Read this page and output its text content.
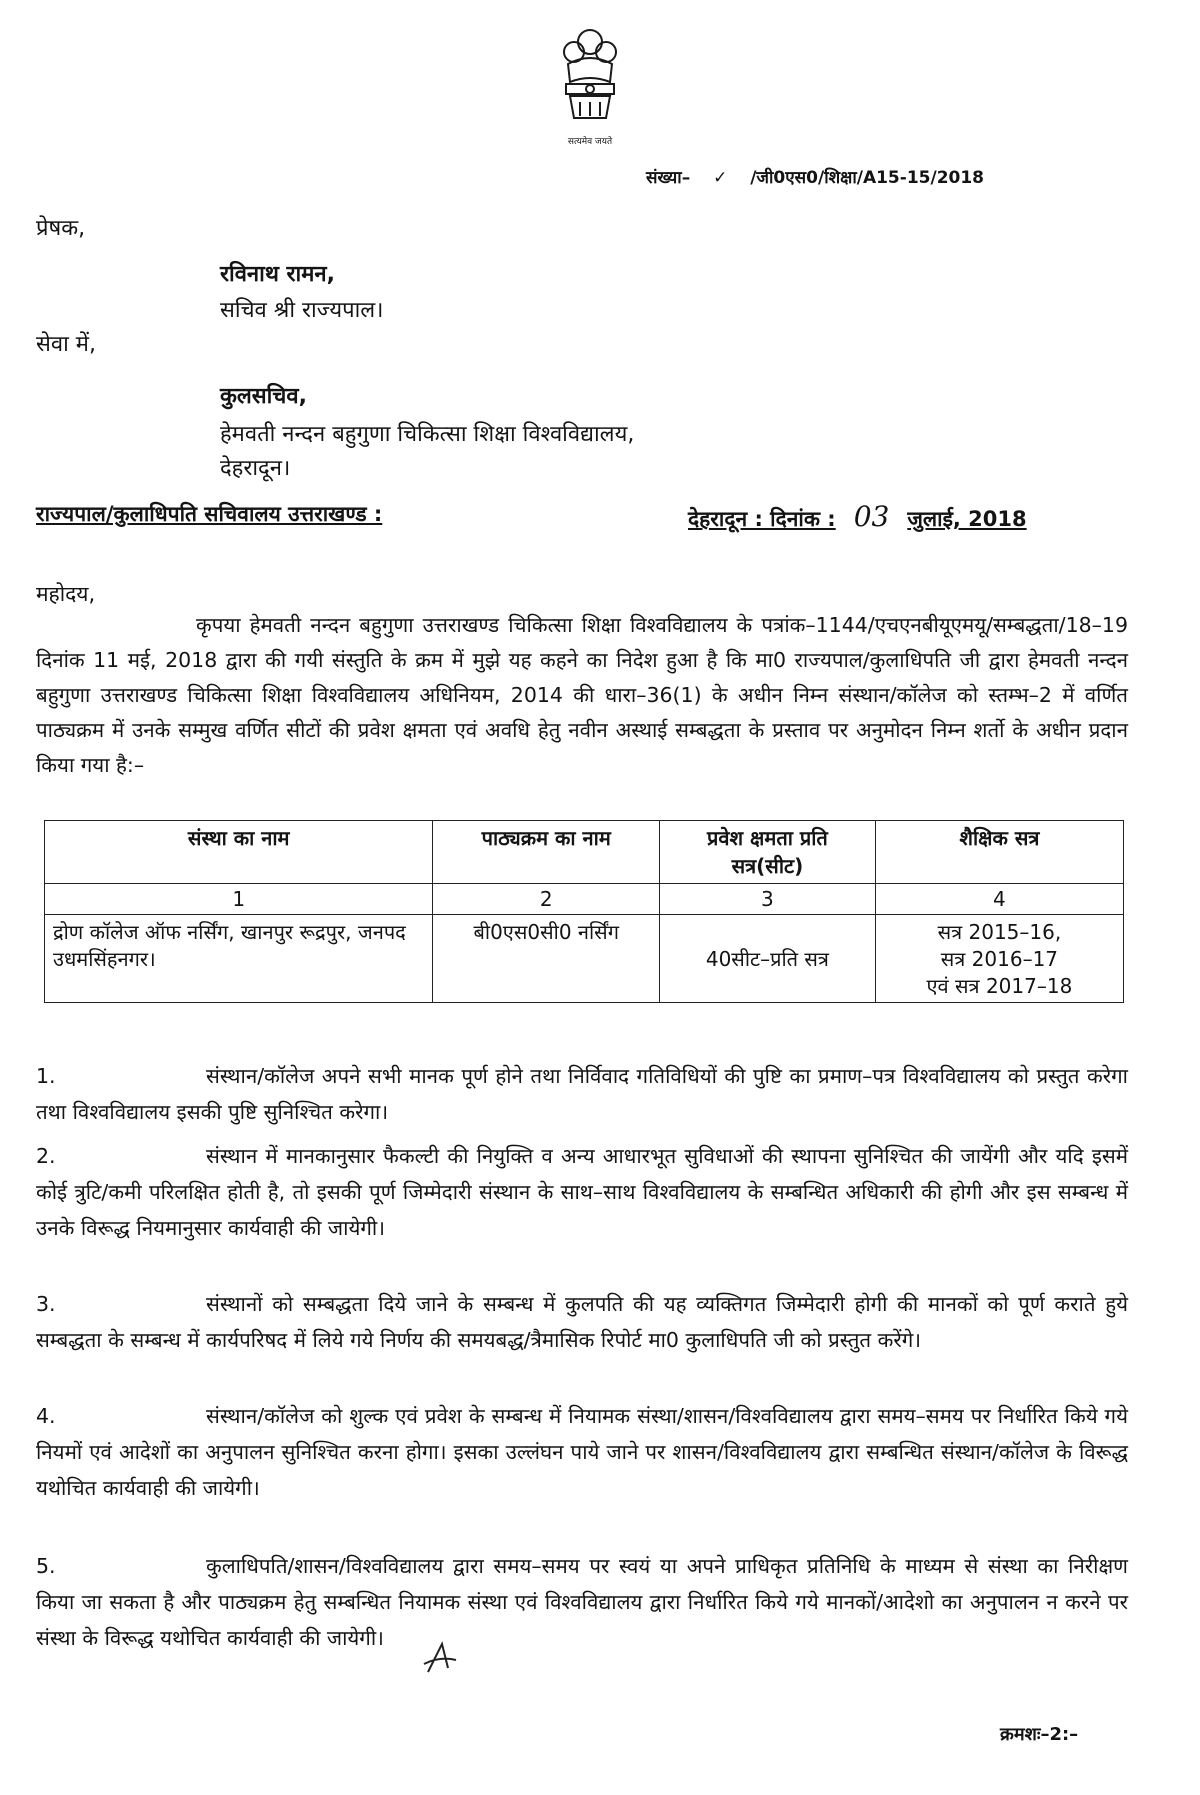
सत्यमेव जयते
संख्या– ✓ /जी0एस0/शिक्षा/A15-15/2018
प्रेषक,
रविनाथ रामन,
सचिव श्री राज्यपाल।
सेवा में,
कुलसचिव,
हेमवती नन्दन बहुगुणा चिकित्सा शिक्षा विश्वविद्यालय,
देहरादून।
राज्यपाल/कुलाधिपति सचिवालय उत्तराखण्ड :	देहरादून : दिनांक : 03 जुलाई, 2018
महोदय,
कृपया हेमवती नन्दन बहुगुणा उत्तराखण्ड चिकित्सा शिक्षा विश्वविद्यालय के पत्रांक–1144/एचएनबीयूएमयू/सम्बद्धता/18–19 दिनांक 11 मई, 2018 द्वारा की गयी संस्तुति के क्रम में मुझे यह कहने का निदेश हुआ है कि मा0 राज्यपाल/कुलाधिपति जी द्वारा हेमवती नन्दन बहुगुणा उत्तराखण्ड चिकित्सा शिक्षा विश्वविद्यालय अधिनियम, 2014 की धारा–36(1) के अधीन निम्न संस्थान/कॉलेज को स्तम्भ–2 में वर्णित पाठ्यक्रम में उनके सम्मुख वर्णित सीटों की प्रवेश क्षमता एवं अवधि हेतु नवीन अस्थाई सम्बद्धता के प्रस्ताव पर अनुमोदन निम्न शर्तो के अधीन प्रदान किया गया है:–
संस्था का नाम	पाठ्यक्रम का नाम	प्रवेश क्षमता प्रति सत्र(सीट)	शैक्षिक सत्र
1	2	3	4
द्रोण कॉलेज ऑफ नर्सिंग, खानपुर रूद्रपुर, जनपद उधमसिंहनगर।	बी0एस0सी0 नर्सिंग	40सीट–प्रति सत्र	सत्र 2015–16,
सत्र 2016–17
एवं सत्र 2017–18
1.	संस्थान/कॉलेज अपने सभी मानक पूर्ण होने तथा निर्विवाद गतिविधियों की पुष्टि का प्रमाण–पत्र विश्वविद्यालय को प्रस्तुत करेगा तथा विश्वविद्यालय इसकी पुष्टि सुनिश्चित करेगा।
2.	संस्थान में मानकानुसार फैकल्टी की नियुक्ति व अन्य आधारभूत सुविधाओं की स्थापना सुनिश्चित की जायेंगी और यदि इसमें कोई त्रुटि/कमी परिलक्षित होती है, तो इसकी पूर्ण जिम्मेदारी संस्थान के साथ–साथ विश्वविद्यालय के सम्बन्धित अधिकारी की होगी और इस सम्बन्ध में उनके विरूद्ध नियमानुसार कार्यवाही की जायेगी।
3.	संस्थानों को सम्बद्धता दिये जाने के सम्बन्ध में कुलपति की यह व्यक्तिगत जिम्मेदारी होगी की मानकों को पूर्ण कराते हुये सम्बद्धता के सम्बन्ध में कार्यपरिषद में लिये गये निर्णय की समयबद्ध/त्रैमासिक रिपोर्ट मा0 कुलाधिपति जी को प्रस्तुत करेंगे।
4.	संस्थान/कॉलेज को शुल्क एवं प्रवेश के सम्बन्ध में नियामक संस्था/शासन/विश्वविद्यालय द्वारा समय–समय पर निर्धारित किये गये नियमों एवं आदेशों का अनुपालन सुनिश्चित करना होगा। इसका उल्लंघन पाये जाने पर शासन/विश्वविद्यालय द्वारा सम्बन्धित संस्थान/कॉलेज के विरूद्ध यथोचित कार्यवाही की जायेगी।
5.	कुलाधिपति/शासन/विश्वविद्यालय द्वारा समय–समय पर स्वयं या अपने प्राधिकृत प्रतिनिधि के माध्यम से संस्था का निरीक्षण किया जा सकता है और पाठ्यक्रम हेतु सम्बन्धित नियामक संस्था एवं विश्वविद्यालय द्वारा निर्धारित किये गये मानकों/आदेशो का अनुपालन न करने पर संस्था के विरूद्ध यथोचित कार्यवाही की जायेगी।
क्रमशः–2:–
